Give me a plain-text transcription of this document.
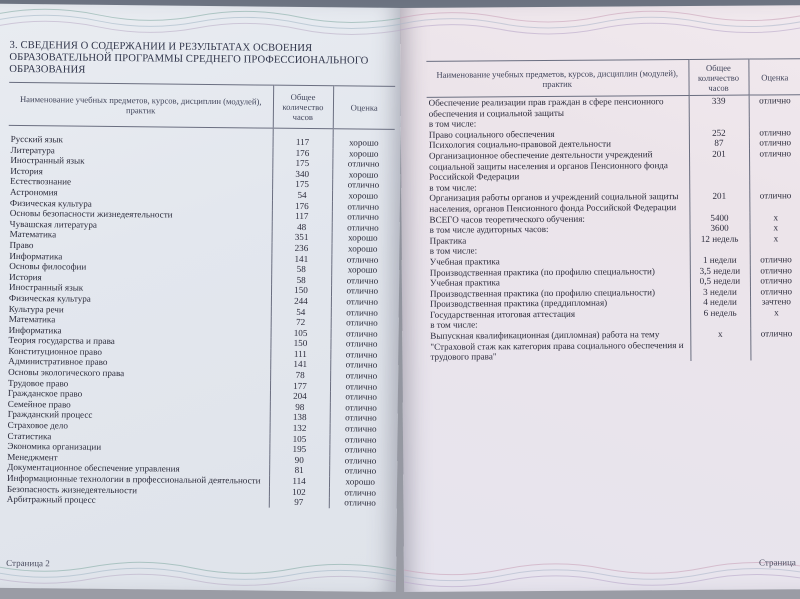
3. СВЕДЕНИЯ О СОДЕРЖАНИИ И РЕЗУЛЬТАТАХ ОСВОЕНИЯ ОБРАЗОВАТЕЛЬНОЙ ПРОГРАММЫ СРЕДНЕГО ПРОФЕССИОНАЛЬНОГО ОБРАЗОВАНИЯ
Наименование учебных предметов, курсов, дисциплин (модулей), практик	Общее количество часов	Оценка

Русский язык	117	хорошо
Литература	176	хорошо
Иностранный язык	175	отлично
История	340	хорошо
Естествознание	175	отлично
Астрономия	54	хорошо
Физическая культура	176	отлично
Основы безопасности жизнедеятельности	117	отлично
Чувашская литература	48	отлично
Математика	351	хорошо
Право	236	хорошо
Информатика	141	отлично
Основы философии	58	хорошо
История	58	отлично
Иностранный язык	150	отлично
Физическая культура	244	отлично
Культура речи	54	отлично
Математика	72	отлично
Информатика	105	отлично
Теория государства и права	150	отлично
Конституционное право	111	отлично
Административное право	141	отлично
Основы экологического права	78	отлично
Трудовое право	177	отлично
Гражданское право	204	отлично
Семейное право	98	отлично
Гражданский процесс	138	отлично
Страховое дело	132	отлично
Статистика	105	отлично
Экономика организации	195	отлично
Менеджмент	90	отлично
Документационное обеспечение управления	81	отлично
Информационные технологии в профессиональной деятельности	114	хорошо
Безопасность жизнедеятельности	102	отлично
Арбитражный процесс	97	отлично
Страница 2
Наименование учебных предметов, курсов, дисциплин (модулей), практик	Общее количество часов	Оценка
Обеспечение реализации прав граждан в сфере пенсионного обеспечения и социальной защиты	339	отлично
в том числе:		
Право социального обеспечения	252	отлично
Психология социально-правовой деятельности	87	отлично
Организационное обеспечение деятельности учреждений социальной защиты населения и органов Пенсионного фонда Российской Федерации	201	отлично
в том числе:		
Организация работы органов и учреждений социальной защиты населения, органов Пенсионного фонда Российской Федерации	201	отлично
ВСЕГО часов теоретического обучения:	5400	x
в том числе аудиторных часов:	3600	x
Практика	12 недель	x
в том числе:		
Учебная практика	1 недели	отлично
Производственная практика (по профилю специальности)	3,5 недели	отлично
Учебная практика	0,5 недели	отлично
Производственная практика (по профилю специальности)	3 недели	отлично
Производственная практика (преддипломная)	4 недели	зачтено
Государственная итоговая аттестация	6 недель	x
в том числе:		
Выпускная квалификационная (дипломная) работа на тему "Страховой стаж как категория права социального обеспечения и трудового права"	x	отлично
Страница
